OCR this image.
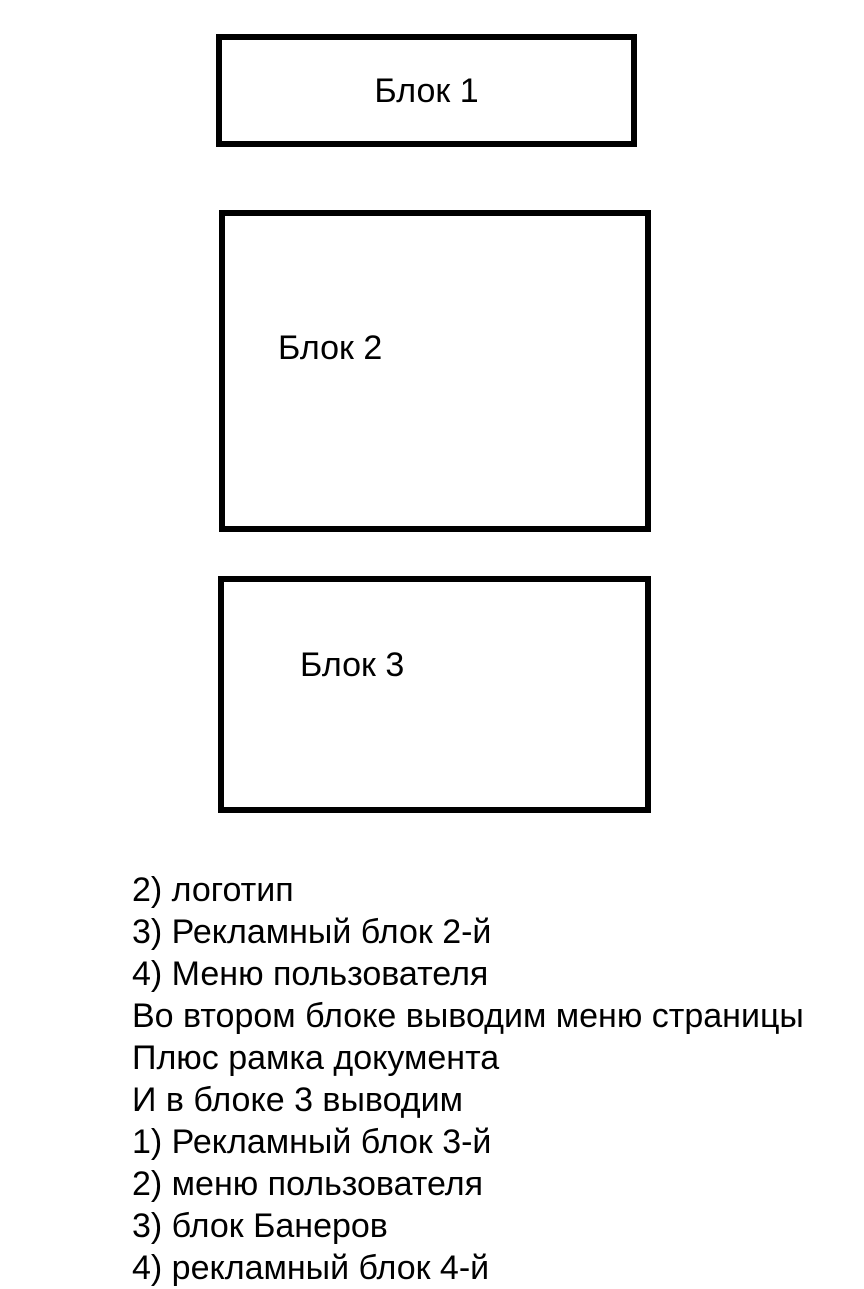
Блок 1
Блок 2
Блок 3
2) логотип
3) Рекламный блок 2-й
4) Меню пользователя
Во втором блоке выводим меню страницы
Плюс рамка документа
И в блоке 3 выводим
1) Рекламный блок 3-й
2) меню пользователя
3) блок Банеров
4) рекламный блок 4-й
